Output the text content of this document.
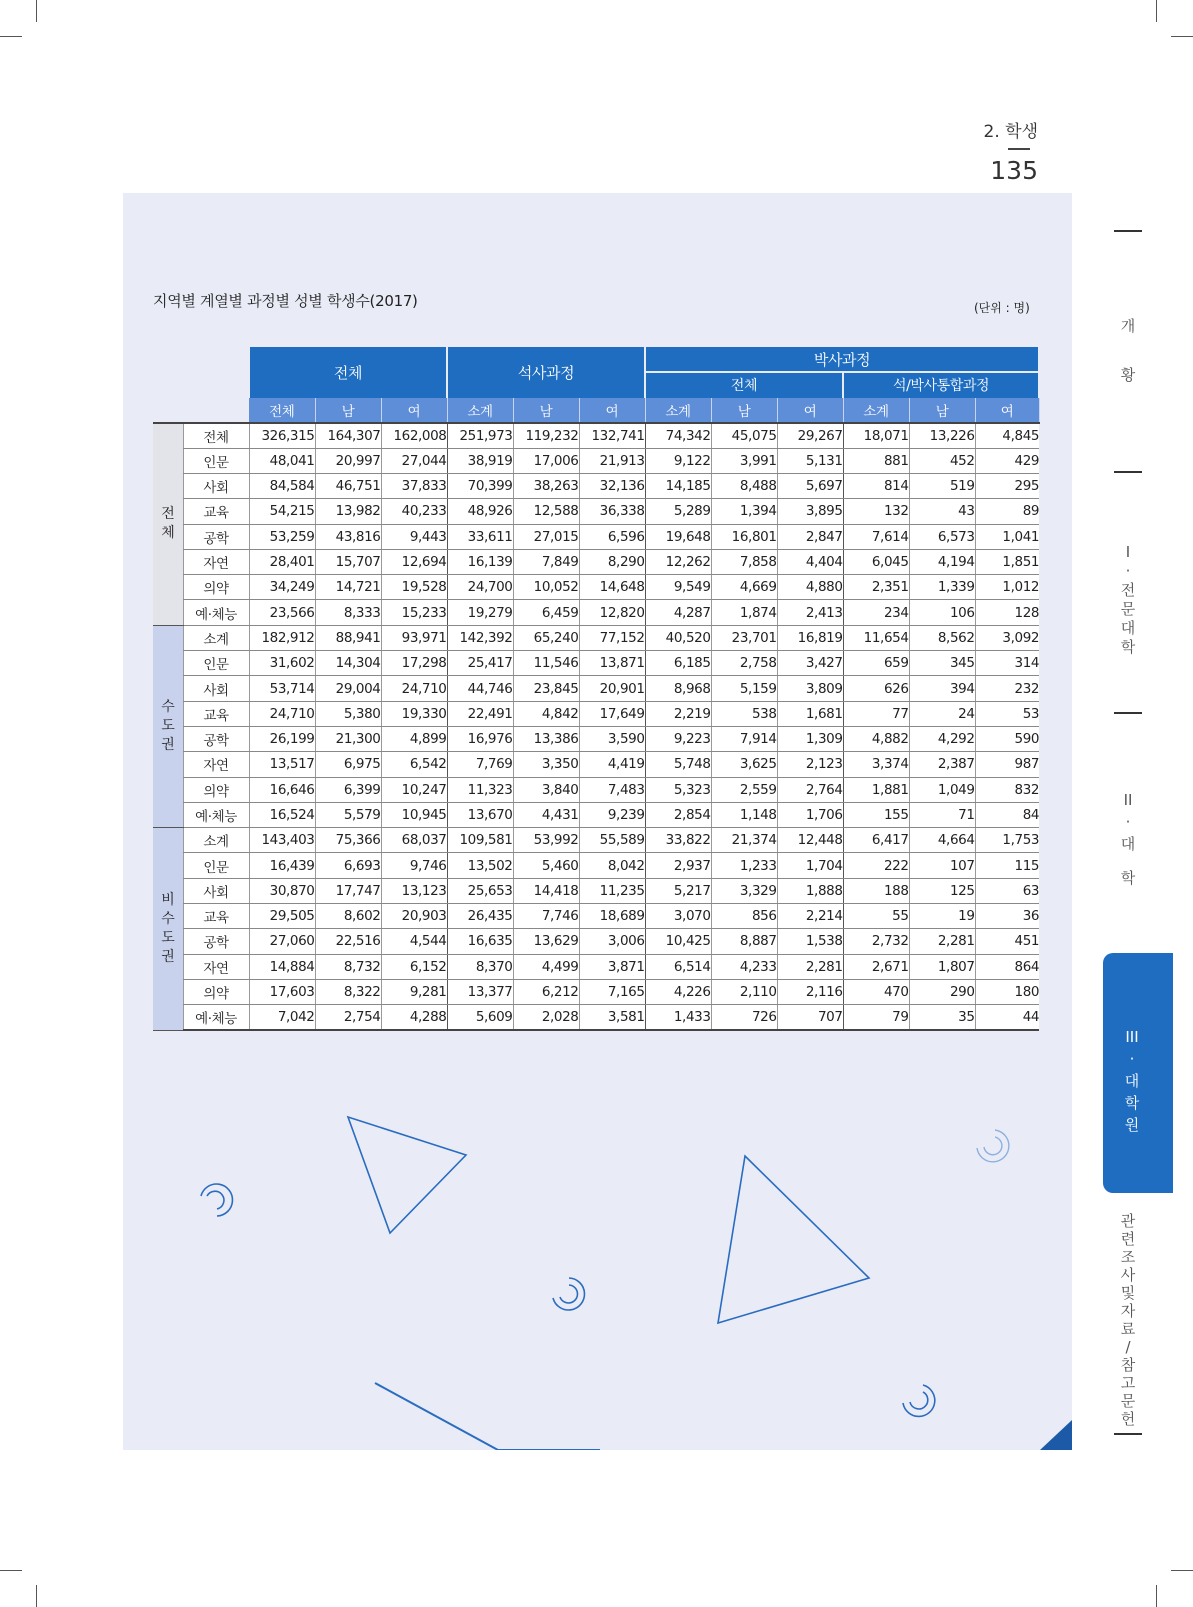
2. 학생
135
지역별 계열별 과정별 성별 학생수(2017)	(단위 : 명)
		전체			석사과정			박사과정					
								전체			석/박사통합과정		
		전체	남	여	소계	남	여	소계	남	여	소계	남	여

전
체	전체	326,315	164,307	162,008	251,973	119,232	132,741	74,342	45,075	29,267	18,071	13,226	4,845
	인문	48,041	20,997	27,044	38,919	17,006	21,913	9,122	3,991	5,131	881	452	429
	사회	84,584	46,751	37,833	70,399	38,263	32,136	14,185	8,488	5,697	814	519	295
	교육	54,215	13,982	40,233	48,926	12,588	36,338	5,289	1,394	3,895	132	43	89
	공학	53,259	43,816	9,443	33,611	27,015	6,596	19,648	16,801	2,847	7,614	6,573	1,041
	자연	28,401	15,707	12,694	16,139	7,849	8,290	12,262	7,858	4,404	6,045	4,194	1,851
	의약	34,249	14,721	19,528	24,700	10,052	14,648	9,549	4,669	4,880	2,351	1,339	1,012
	예·체능	23,566	8,333	15,233	19,279	6,459	12,820	4,287	1,874	2,413	234	106	128

수
도
권	소계	182,912	88,941	93,971	142,392	65,240	77,152	40,520	23,701	16,819	11,654	8,562	3,092
	인문	31,602	14,304	17,298	25,417	11,546	13,871	6,185	2,758	3,427	659	345	314
	사회	53,714	29,004	24,710	44,746	23,845	20,901	8,968	5,159	3,809	626	394	232
	교육	24,710	5,380	19,330	22,491	4,842	17,649	2,219	538	1,681	77	24	53
	공학	26,199	21,300	4,899	16,976	13,386	3,590	9,223	7,914	1,309	4,882	4,292	590
	자연	13,517	6,975	6,542	7,769	3,350	4,419	5,748	3,625	2,123	3,374	2,387	987
	의약	16,646	6,399	10,247	11,323	3,840	7,483	5,323	2,559	2,764	1,881	1,049	832
	예·체능	16,524	5,579	10,945	13,670	4,431	9,239	2,854	1,148	1,706	155	71	84

비
수
도
권	소계	143,403	75,366	68,037	109,581	53,992	55,589	33,822	21,374	12,448	6,417	4,664	1,753
	인문	16,439	6,693	9,746	13,502	5,460	8,042	2,937	1,233	1,704	222	107	115
	사회	30,870	17,747	13,123	25,653	14,418	11,235	5,217	3,329	1,888	188	125	63
	교육	29,505	8,602	20,903	26,435	7,746	18,689	3,070	856	2,214	55	19	36
	공학	27,060	22,516	4,544	16,635	13,629	3,006	10,425	8,887	1,538	2,732	2,281	451
	자연	14,884	8,732	6,152	8,370	4,499	3,871	6,514	4,233	2,281	2,671	1,807	864
	의약	17,603	8,322	9,281	13,377	6,212	7,165	4,226	2,110	2,116	470	290	180
	예·체능	7,042	2,754	4,288	5,609	2,028	3,581	1,433	726	707	79	35	44
개
황
I
·
전
문
대
학
II
·
대
학
III
·
대
학
원
관
련
조
사
및
자
료
/
참
고
문
헌
